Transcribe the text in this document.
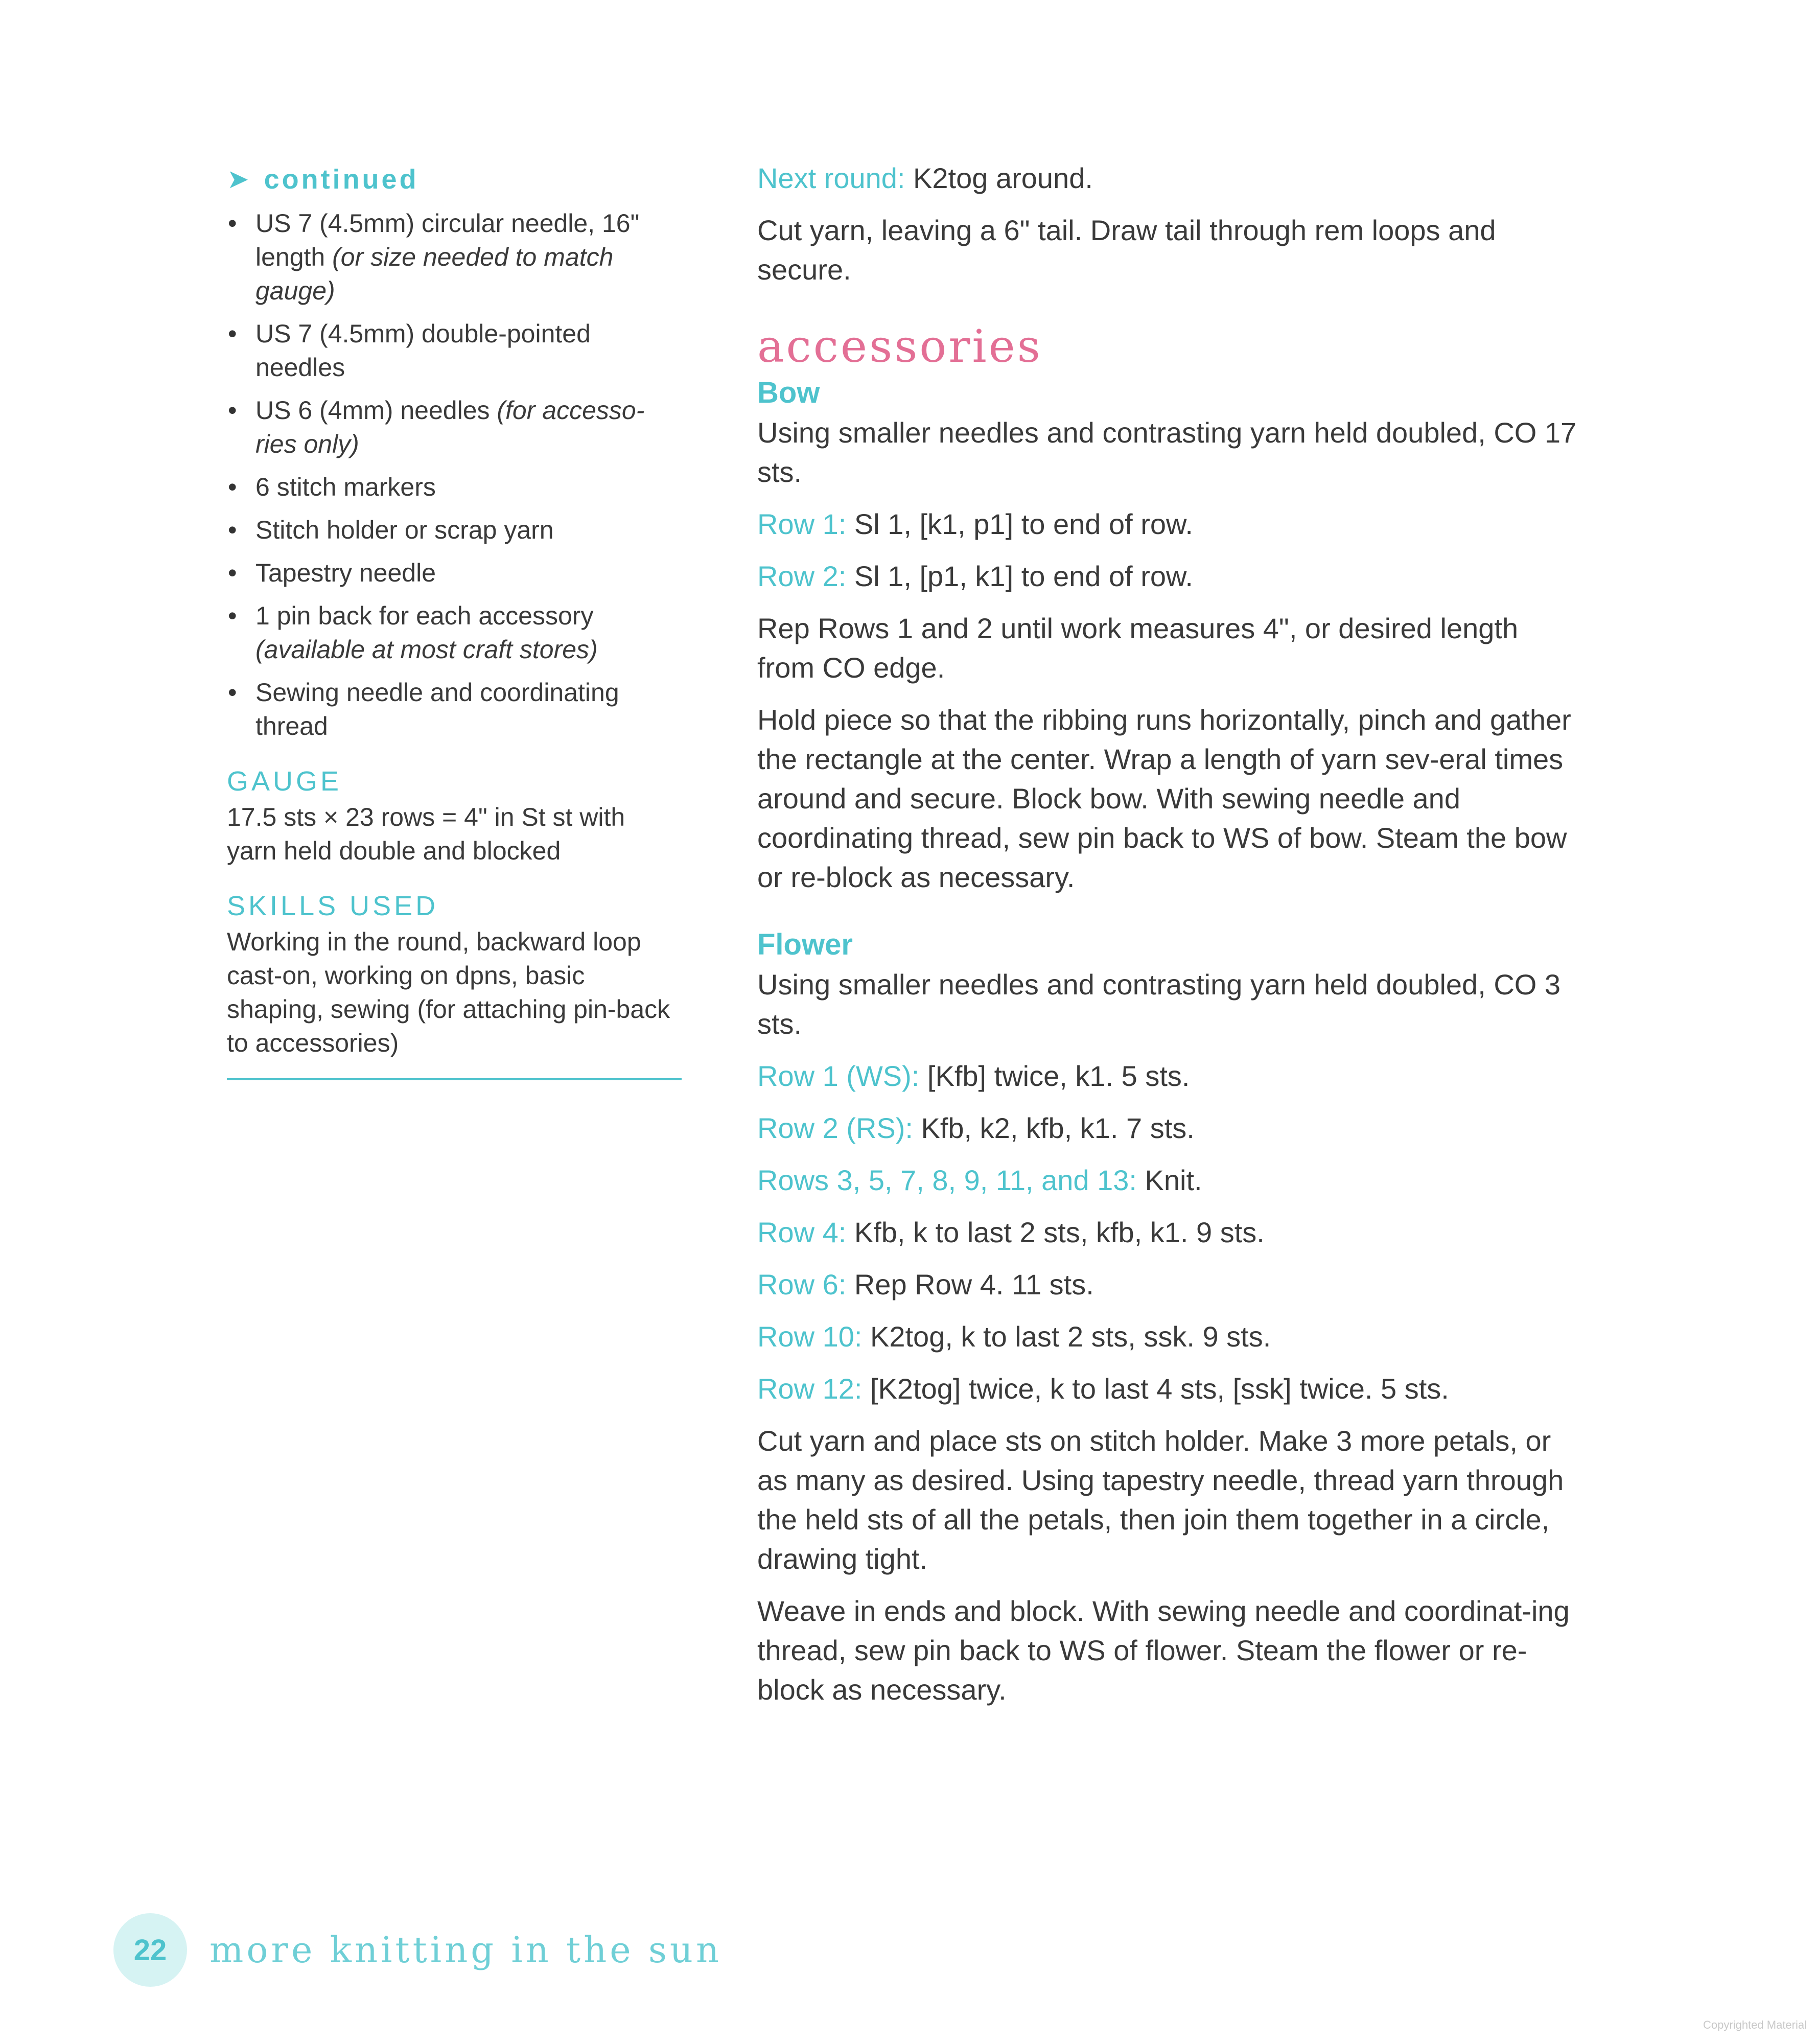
➤ continued
• US 7 (4.5mm) circular needle, 16" length (or size needed to match gauge)
• US 7 (4.5mm) double-pointed needles
• US 6 (4mm) needles (for accesso-ries only)
• 6 stitch markers
• Stitch holder or scrap yarn
• Tapestry needle
• 1 pin back for each accessory (available at most craft stores)
• Sewing needle and coordinating thread
GAUGE
17.5 sts × 23 rows = 4" in St st with yarn held double and blocked
SKILLS USED
Working in the round, backward loop cast-on, working on dpns, basic shaping, sewing (for attaching pin-back to accessories)

Next round: K2tog around.

Cut yarn, leaving a 6" tail. Draw tail through rem loops and secure.

accessories
Bow

Using smaller needles and contrasting yarn held doubled, CO 17 sts.

Row 1: Sl 1, [k1, p1] to end of row.

Row 2: Sl 1, [p1, k1] to end of row.

Rep Rows 1 and 2 until work measures 4", or desired length from CO edge.

Hold piece so that the ribbing runs horizontally, pinch and gather the rectangle at the center. Wrap a length of yarn sev-eral times around and secure. Block bow. With sewing needle and coordinating thread, sew pin back to WS of bow. Steam the bow or re-block as necessary.

Flower

Using smaller needles and contrasting yarn held doubled, CO 3 sts.

Row 1 (WS): [Kfb] twice, k1. 5 sts.

Row 2 (RS): Kfb, k2, kfb, k1. 7 sts.

Rows 3, 5, 7, 8, 9, 11, and 13: Knit.

Row 4: Kfb, k to last 2 sts, kfb, k1. 9 sts.

Row 6: Rep Row 4. 11 sts.

Row 10: K2tog, k to last 2 sts, ssk. 9 sts.

Row 12: [K2tog] twice, k to last 4 sts, [ssk] twice. 5 sts.

Cut yarn and place sts on stitch holder. Make 3 more petals, or as many as desired. Using tapestry needle, thread yarn through the held sts of all the petals, then join them together in a circle, drawing tight.

Weave in ends and block. With sewing needle and coordinat-ing thread, sew pin back to WS of flower. Steam the flower or re-block as necessary.

22	more knitting in the sun
Copyrighted Material
